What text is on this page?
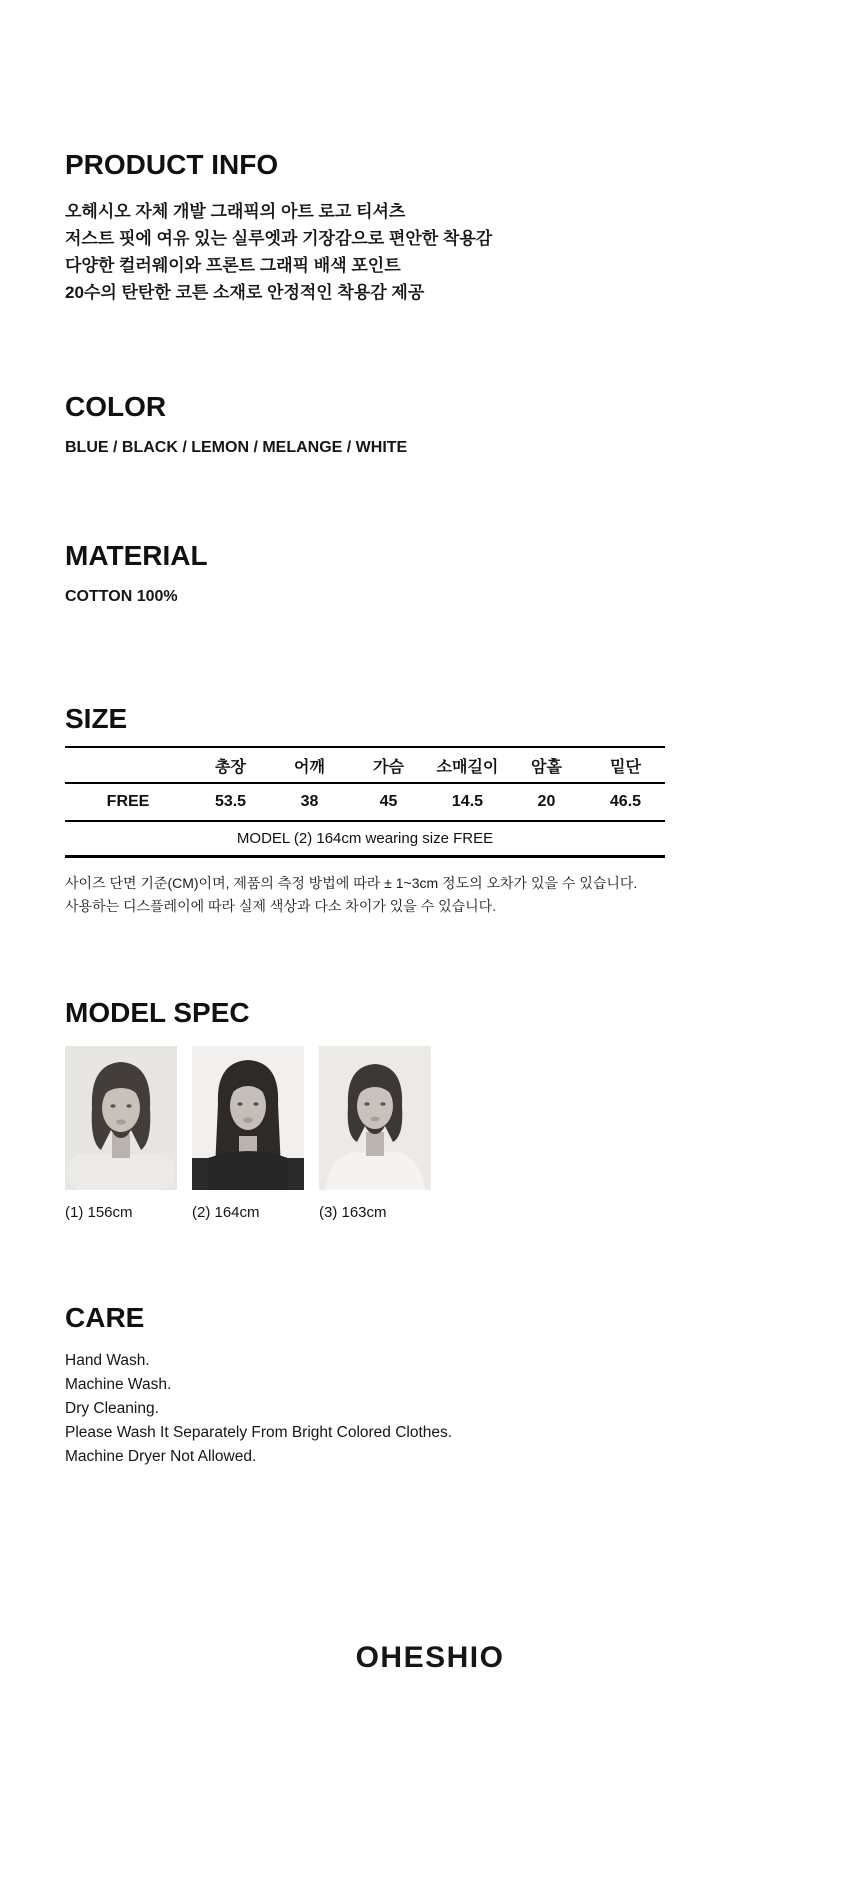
PRODUCT INFO

오헤시오 자체 개발 그래픽의 아트 로고 티셔츠

저스트 핏에 여유 있는 실루엣과 기장감으로 편안한 착용감

다양한 컬러웨이와 프론트 그래픽 배색 포인트

20수의 탄탄한 코튼 소재로 안정적인 착용감 제공

COLOR

BLUE / BLACK / LEMON / MELANGE / WHITE

MATERIAL

COTTON 100%

SIZE
	총장	어깨	가슴	소매길이	암홀	밑단
FREE	53.5	38	45	14.5	20	46.5
MODEL (2) 164cm wearing size FREE						

사이즈 단면 기준(CM)이며, 제품의 측정 방법에 따라 ± 1~3cm 정도의 오차가 있을 수 있습니다.

사용하는 디스플레이에 따라 실제 색상과 다소 차이가 있을 수 있습니다.

MODEL SPEC
(1) 156cm	(2) 164cm	(3) 163cm
CARE

Hand Wash.

Machine Wash.

Dry Cleaning.

Please Wash It Separately From Bright Colored Clothes.

Machine Dryer Not Allowed.

OHESHIO
